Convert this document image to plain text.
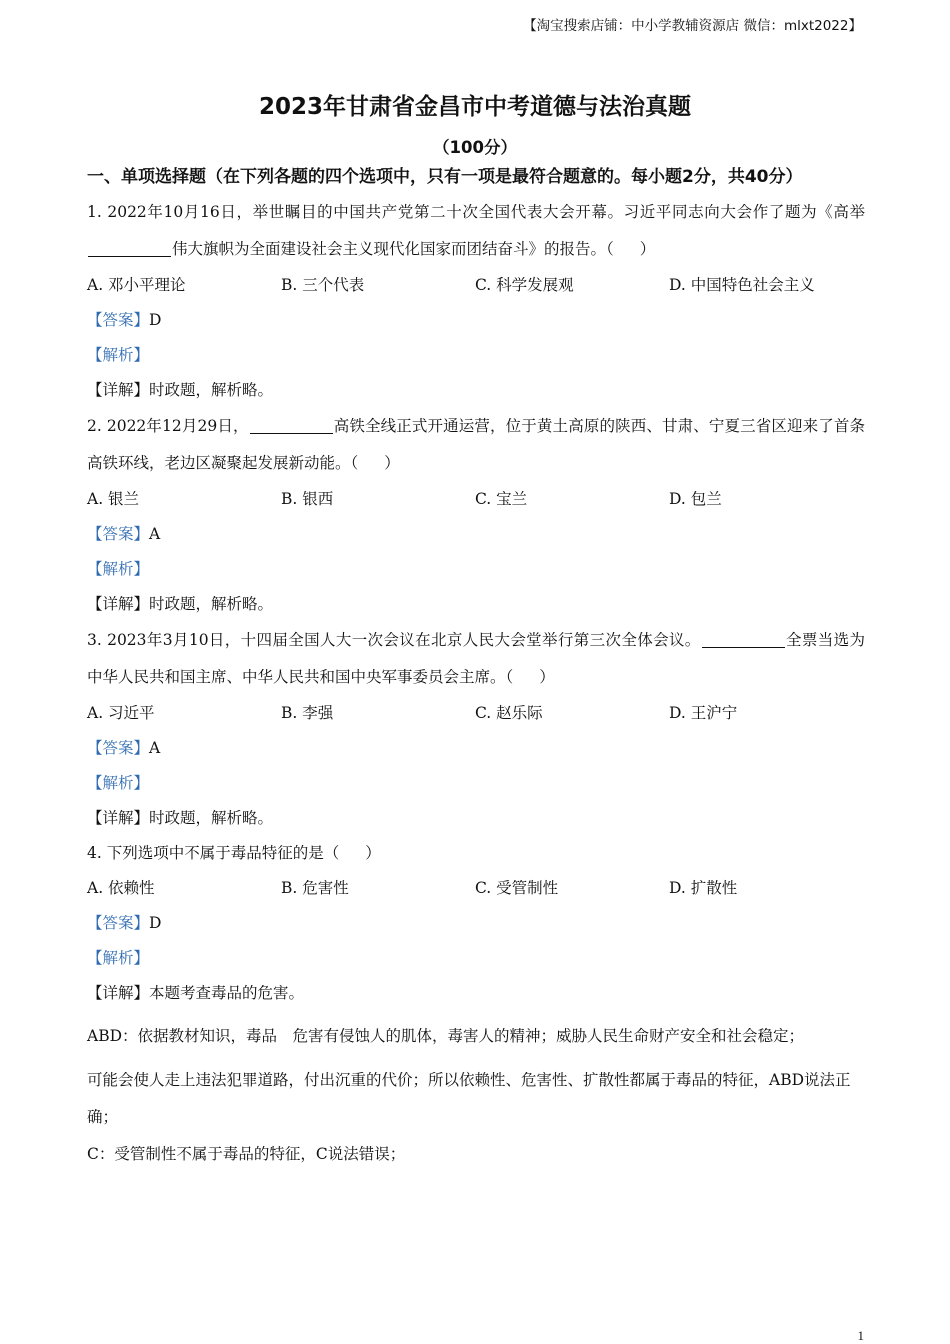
【淘宝搜索店铺：中小学教辅资源店 微信：mlxt2022】
2023年甘肃省金昌市中考道德与法治真题
（100分）

一、单项选择题（在下列各题的四个选项中，只有一项是最符合题意的。每小题2分，共40分）

1. 2022年10月16日，举世瞩目的中国共产党第二十次全国代表大会开幕。习近平同志向大会作了题为《高举伟大旗帜为全面建设社会主义现代化国家而团结奋斗》的报告。（ ）

A. 邓小平理论	B. 三个代表	C. 科学发展观	D. 中国特色社会主义

【答案】D

【解析】

【详解】时政题，解析略。

2. 2022年12月29日，	高铁全线正式开通运营，位于黄土高原的陕西、甘肃、宁夏三省区迎来了首条高铁环线，老边区凝聚起发展新动能。（ ）

A. 银兰	B. 银西	C. 宝兰	D. 包兰

【答案】A

【解析】

【详解】时政题，解析略。

3. 2023年3月10日，十四届全国人大一次会议在北京人民大会堂举行第三次全体会议。	全票当选为中华人民共和国主席、中华人民共和国中央军事委员会主席。（ ）

A. 习近平	B. 李强	C. 赵乐际	D. 王沪宁

【答案】A

【解析】

【详解】时政题，解析略。

4. 下列选项中不属于毒品特征的是（ ）

A. 依赖性	B. 危害性	C. 受管制性	D. 扩散性

【答案】D

【解析】

【详解】本题考查毒品的危害。

ABD：依据教材知识，毒品　危害有侵蚀人的肌体，毒害人的精神；威胁人民生命财产安全和社会稳定；

可能会使人走上违法犯罪道路，付出沉重的代价；所以依赖性、危害性、扩散性都属于毒品的特征，ABD说法正确；

C：受管制性不属于毒品的特征，C说法错误；

1
